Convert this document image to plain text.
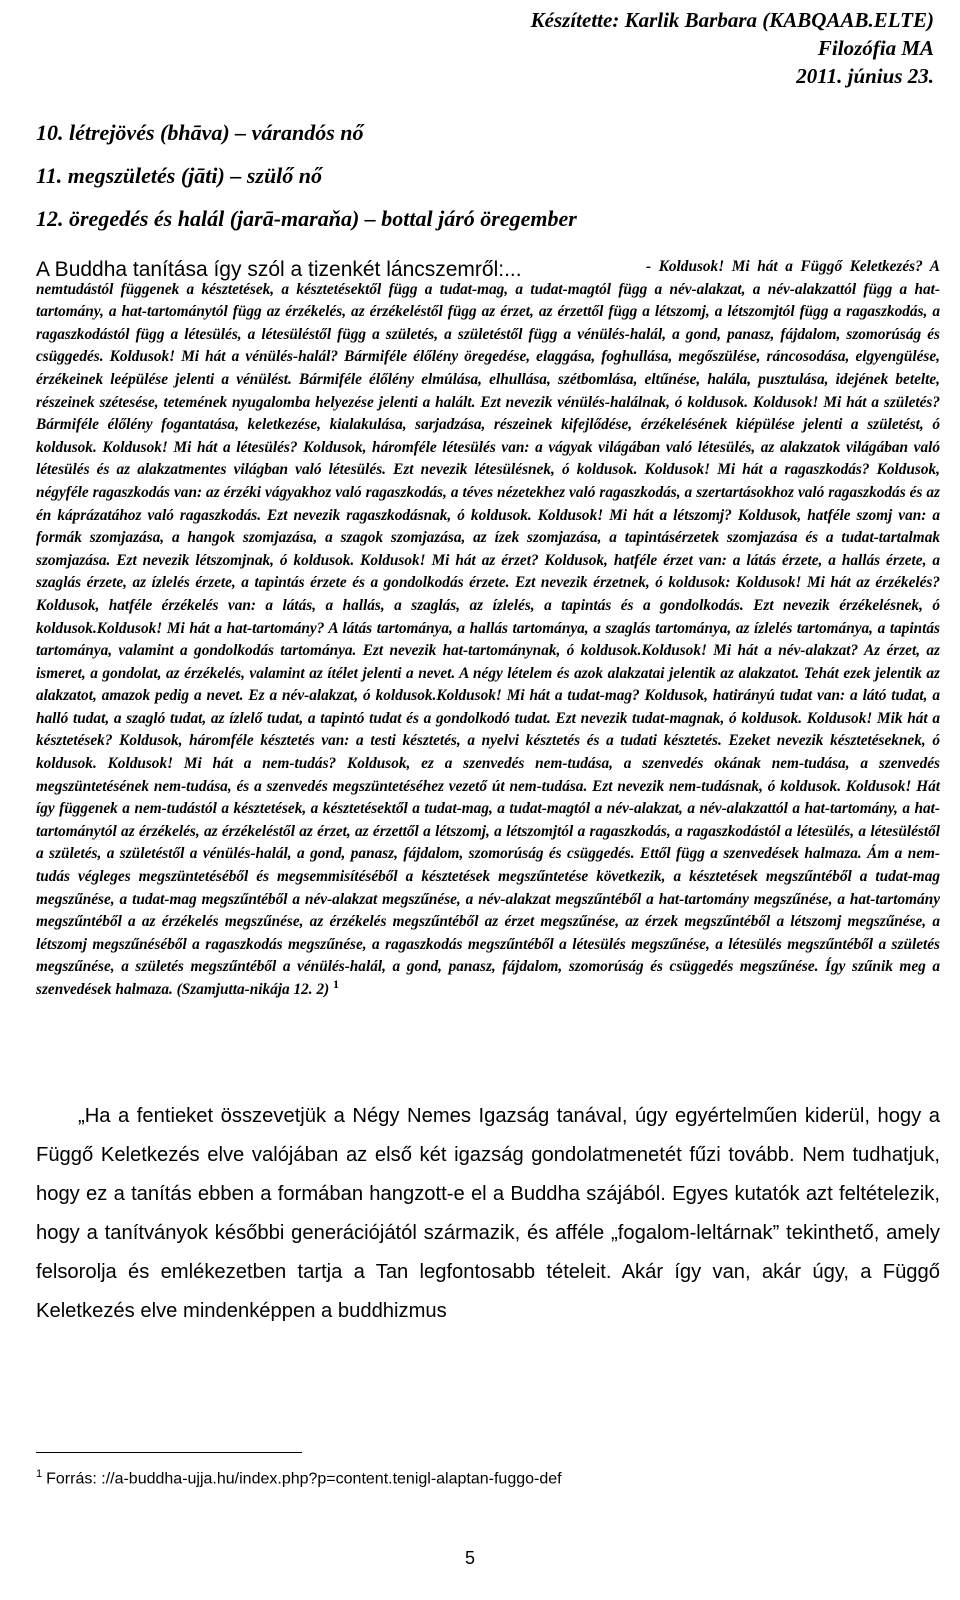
Készítette: Karlik Barbara (KABQAAB.ELTE)
Filozófia MA
2011. június 23.
10. létrejövés (bhāva) – várandós nő
11. megszületés (jāti) – szülő nő
12. öregedés és halál (jarā-maraňa) – bottal járó öregember
A Buddha tanítása így szól a tizenkét láncszemről:...	- Koldusok! Mi hát a Függő Keletkezés? A nemtudástól függenek a késztetések, a késztetésektől függ a tudat-mag, a tudat-magtól függ a név-alakzat, a név-alakzattól függ a hat-tartomány, a hat-tartománytól függ az érzékelés, az érzékeléstől függ az érzet, az érzettől függ a létszomj, a létszomjtól függ a ragaszkodás, a ragaszkodástól függ a létesülés, a létesüléstől függ a születés, a születéstől függ a vénülés-halál, a gond, panasz, fájdalom, szomorúság és csüggedés. Koldusok! Mi hát a vénülés-halál? Bármiféle élőlény öregedése, elaggása, foghullása, megőszülése, ráncosodása, elgyengülése, érzékeinek leépülése jelenti a vénülést. Bármiféle élőlény elmúlása, elhullása, szétbomlása, eltűnése, halála, pusztulása, idejének betelte, részeinek szétesése, tetemének nyugalomba helyezése jelenti a halált. Ezt nevezik vénülés-halálnak, ó koldusok. Koldusok! Mi hát a születés? Bármiféle élőlény fogantatása, keletkezése, kialakulása, sarjadzása, részeinek kifejlődése, érzékelésének kiépülése jelenti a születést, ó koldusok. Koldusok! Mi hát a létesülés? Koldusok, háromféle létesülés van: a vágyak világában való létesülés, az alakzatok világában való létesülés és az alakzatmentes világban való létesülés. Ezt nevezik létesülésnek, ó koldusok. Koldusok! Mi hát a ragaszkodás? Koldusok, négyféle ragaszkodás van: az érzéki vágyakhoz való ragaszkodás, a téves nézetekhez való ragaszkodás, a szertartásokhoz való ragaszkodás és az én káprázatához való ragaszkodás. Ezt nevezik ragaszkodásnak, ó koldusok. Koldusok! Mi hát a létszomj? Koldusok, hatféle szomj van: a formák szomjazása, a hangok szomjazása, a szagok szomjazása, az ízek szomjazása, a tapintásérzetek szomjazása és a tudat-tartalmak szomjazása. Ezt nevezik létszomjnak, ó koldusok. Koldusok! Mi hát az érzet? Koldusok, hatféle érzet van: a látás érzete, a hallás érzete, a szaglás érzete, az ízlelés érzete, a tapintás érzete és a gondolkodás érzete. Ezt nevezik érzetnek, ó koldusok: Koldusok! Mi hát az érzékelés? Koldusok, hatféle érzékelés van: a látás, a hallás, a szaglás, az ízlelés, a tapintás és a gondolkodás. Ezt nevezik érzékelésnek, ó koldusok.Koldusok! Mi hát a hat-tartomány? A látás tartománya, a hallás tartománya, a szaglás tartománya, az ízlelés tartománya, a tapintás tartománya, valamint a gondolkodás tartománya. Ezt nevezik hat-tartománynak, ó koldusok.Koldusok! Mi hát a név-alakzat? Az érzet, az ismeret, a gondolat, az érzékelés, valamint az ítélet jelenti a nevet. A négy lételem és azok alakzatai jelentik az alakzatot. Tehát ezek jelentik az alakzatot, amazok pedig a nevet. Ez a név-alakzat, ó koldusok.Koldusok! Mi hát a tudat-mag? Koldusok, hatirányú tudat van: a látó tudat, a halló tudat, a szagló tudat, az ízlelő tudat, a tapintó tudat és a gondolkodó tudat. Ezt nevezik tudat-magnak, ó koldusok. Koldusok! Mik hát a késztetések? Koldusok, háromféle késztetés van: a testi késztetés, a nyelvi késztetés és a tudati késztetés. Ezeket nevezik késztetéseknek, ó koldusok. Koldusok! Mi hát a nem-tudás? Koldusok, ez a szenvedés nem-tudása, a szenvedés okának nem-tudása, a szenvedés megszüntetésének nem-tudása, és a szenvedés megszüntetéséhez vezető út nem-tudása. Ezt nevezik nem-tudásnak, ó koldusok. Koldusok! Hát így függenek a nem-tudástól a késztetések, a késztetésektől a tudat-mag, a tudat-magtól a név-alakzat, a név-alakzattól a hat-tartomány, a hat-tartománytól az érzékelés, az érzékeléstől az érzet, az érzettől a létszomj, a létszomjtól a ragaszkodás, a ragaszkodástól a létesülés, a létesüléstől a születés, a születéstől a vénülés-halál, a gond, panasz, fájdalom, szomorúság és csüggedés. Ettől függ a szenvedések halmaza. Ám a nem-tudás végleges megszüntetéséből és megsemmisítéséből a késztetések megszűntetése következik, a késztetések megszűntéből a tudat-mag megszűnése, a tudat-mag megszűntéből a név-alakzat megszűnése, a név-alakzat megszűntéből a hat-tartomány megszűnése, a hat-tartomány megszűntéből a az érzékelés megszűnése, az érzékelés megszűntéből az érzet megszűnése, az érzek megszűntéből a létszomj megszűnése, a létszomj megszűnéséből a ragaszkodás megszűnése, a ragaszkodás megszűntéből a létesülés megszűnése, a létesülés megszűntéből a születés megszűnése, a születés megszűntéből a vénülés-halál, a gond, panasz, fájdalom, szomorúság és csüggedés megszűnése. Így szűnik meg a szenvedések halmaza. (Szamjutta-nikája 12. 2) $^1$
„Ha a fentieket összevetjük a Négy Nemes Igazság tanával, úgy egyértelműen kiderül, hogy a Függő Keletkezés elve valójában az első két igazság gondolatmenetét fűzi tovább. Nem tudhatjuk, hogy ez a tanítás ebben a formában hangzott-e el a Buddha szájából. Egyes kutatók azt feltételezik, hogy a tanítványok későbbi generációjától származik, és afféle „fogalom-leltárnak” tekinthető, amely felsorolja és emlékezetben tartja a Tan legfontosabb tételeit. Akár így van, akár úgy, a Függő Keletkezés elve mindenképpen a buddhizmus
$^1$ Forrás: ://a-buddha-ujja.hu/index.php?p=content.tenigl-alaptan-fuggo-def
5
